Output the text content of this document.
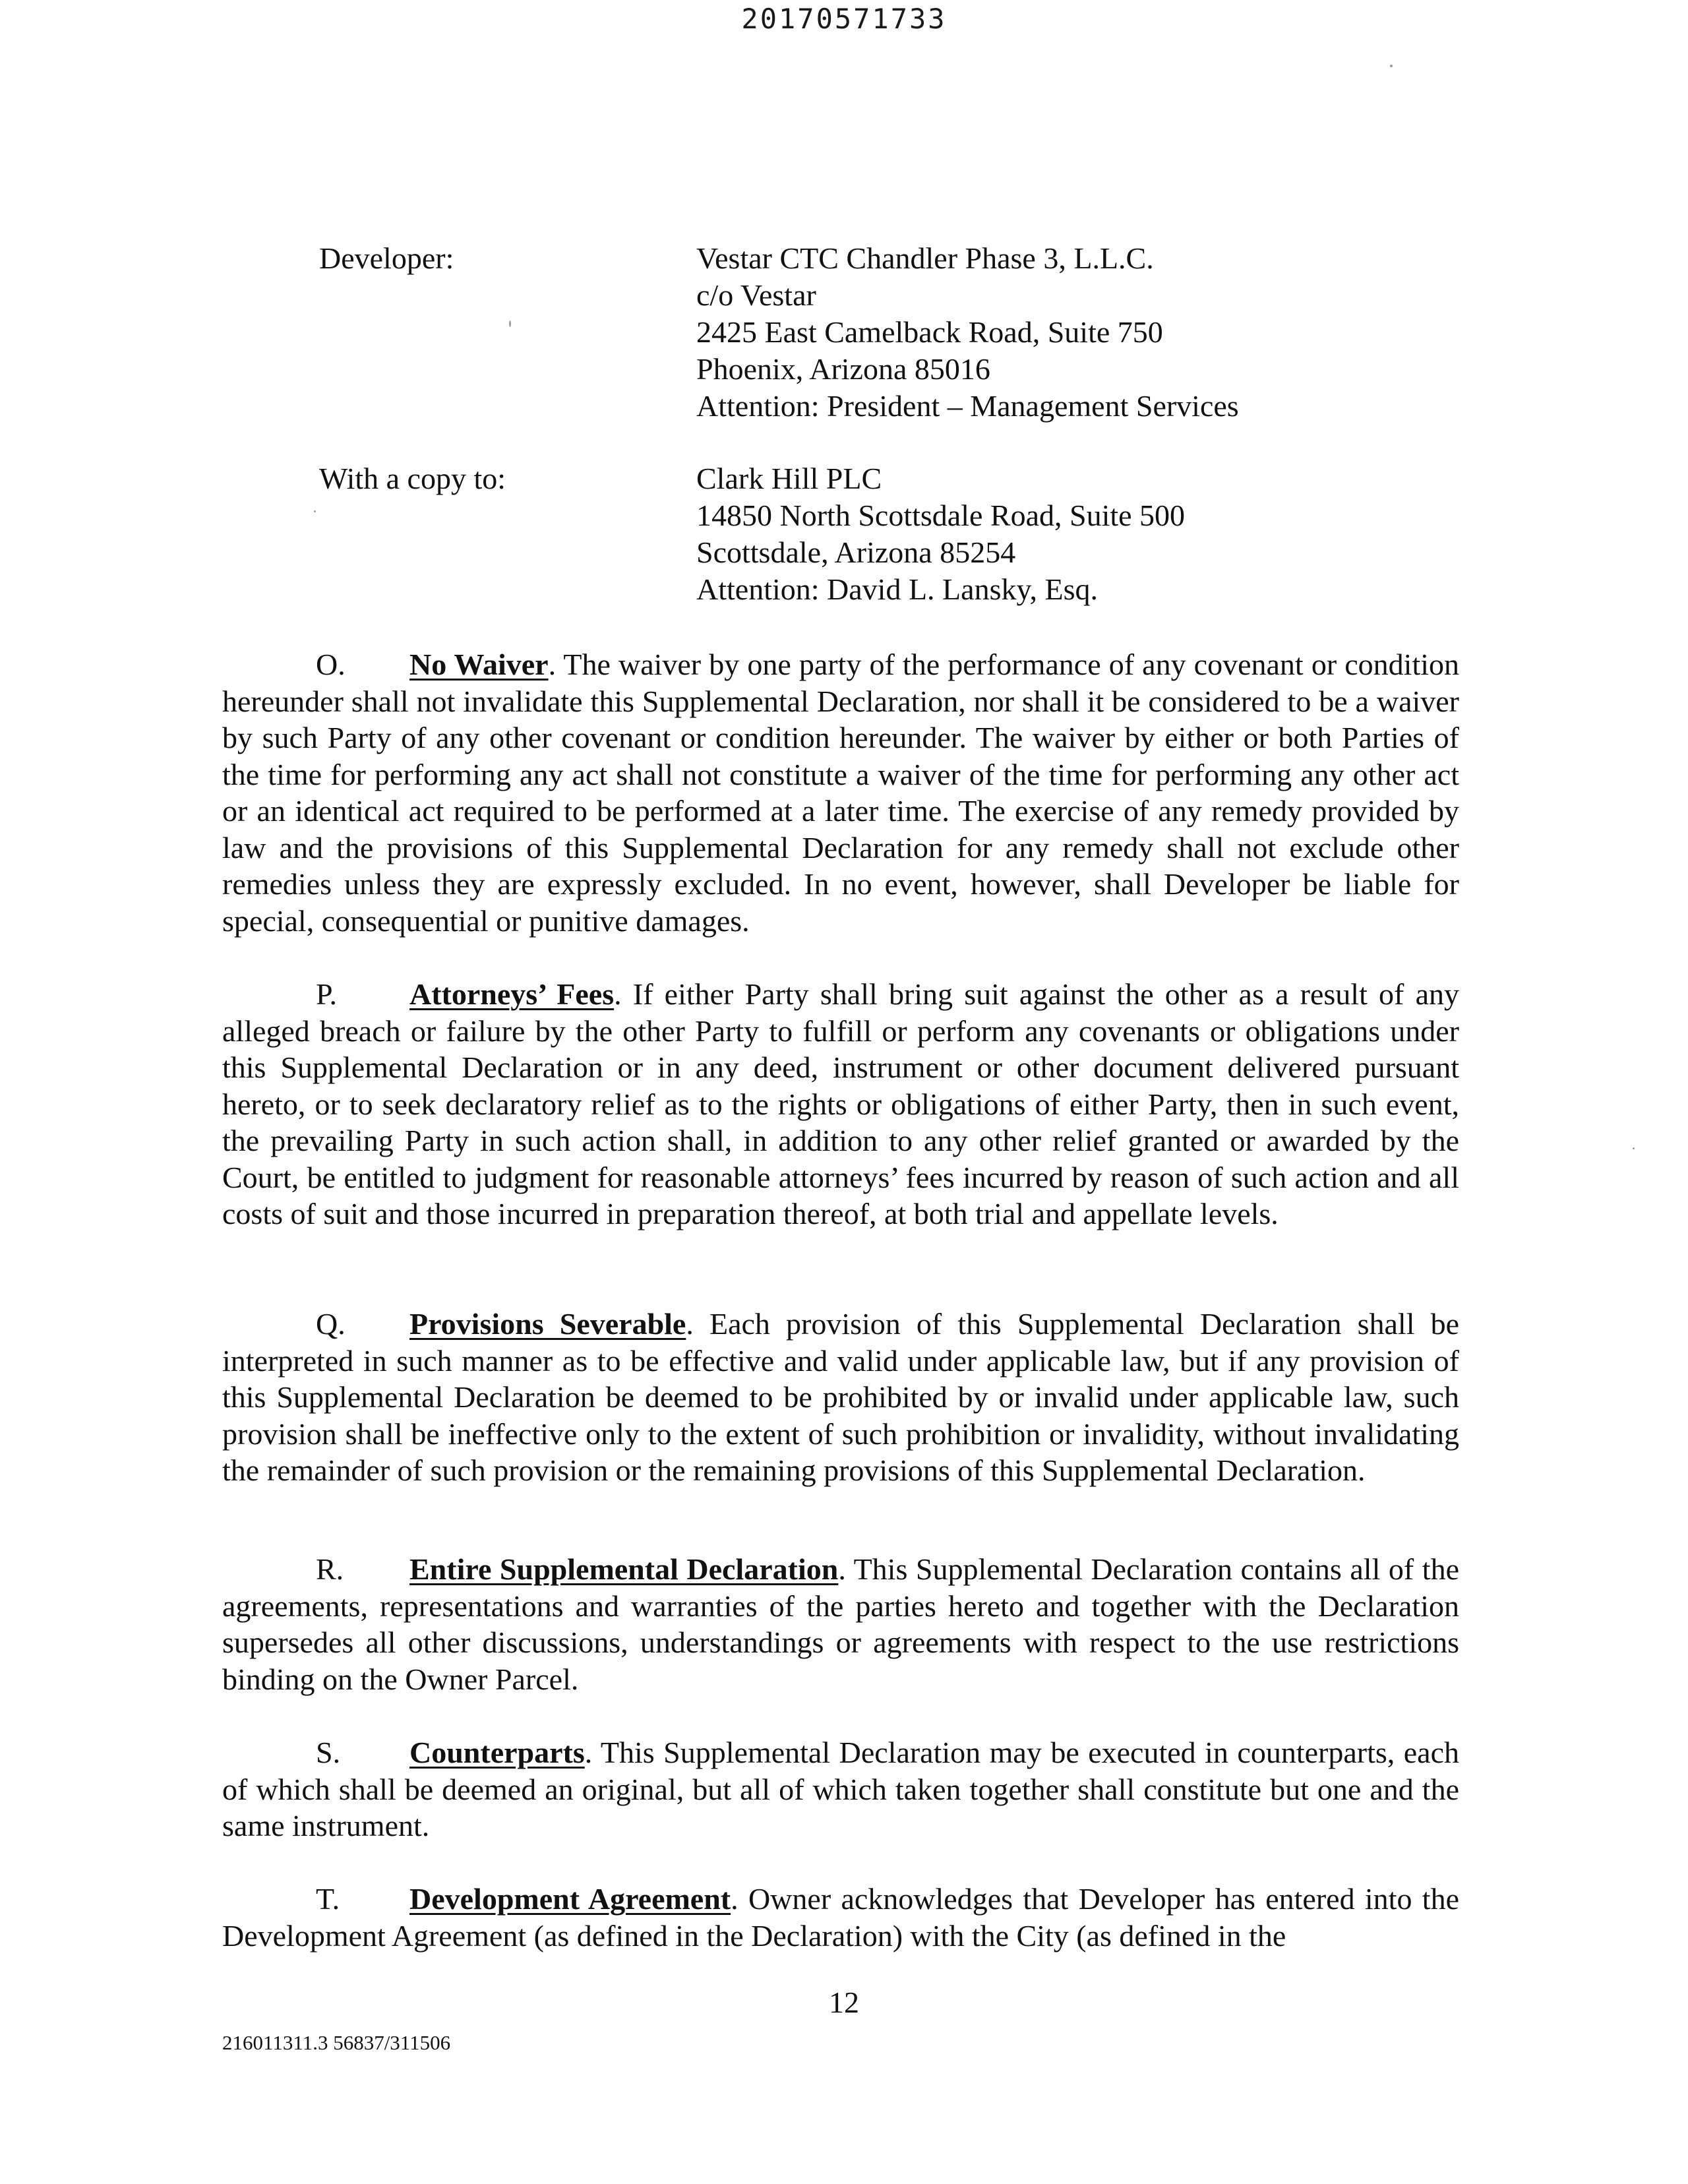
20170571733
Developer:	Vestar CTC Chandler Phase 3, L.L.C.
c/o Vestar
2425 East Camelback Road, Suite 750
Phoenix, Arizona 85016
Attention: President – Management Services
With a copy to:	Clark Hill PLC
14850 North Scottsdale Road, Suite 500
Scottsdale, Arizona 85254
Attention: David L. Lansky, Esq.
O. No Waiver. The waiver by one party of the performance of any covenant or condition hereunder shall not invalidate this Supplemental Declaration, nor shall it be considered to be a waiver by such Party of any other covenant or condition hereunder. The waiver by either or both Parties of the time for performing any act shall not constitute a waiver of the time for performing any other act or an identical act required to be performed at a later time. The exercise of any remedy provided by law and the provisions of this Supplemental Declaration for any remedy shall not exclude other remedies unless they are expressly excluded. In no event, however, shall Developer be liable for special, consequential or punitive damages.
P. Attorneys’ Fees. If either Party shall bring suit against the other as a result of any alleged breach or failure by the other Party to fulfill or perform any covenants or obligations under this Supplemental Declaration or in any deed, instrument or other document delivered pursuant hereto, or to seek declaratory relief as to the rights or obligations of either Party, then in such event, the prevailing Party in such action shall, in addition to any other relief granted or awarded by the Court, be entitled to judgment for reasonable attorneys’ fees incurred by reason of such action and all costs of suit and those incurred in preparation thereof, at both trial and appellate levels.
Q. Provisions Severable. Each provision of this Supplemental Declaration shall be interpreted in such manner as to be effective and valid under applicable law, but if any provision of this Supplemental Declaration be deemed to be prohibited by or invalid under applicable law, such provision shall be ineffective only to the extent of such prohibition or invalidity, without invalidating the remainder of such provision or the remaining provisions of this Supplemental Declaration.
R. Entire Supplemental Declaration. This Supplemental Declaration contains all of the agreements, representations and warranties of the parties hereto and together with the Declaration supersedes all other discussions, understandings or agreements with respect to the use restrictions binding on the Owner Parcel.
S. Counterparts. This Supplemental Declaration may be executed in counterparts, each of which shall be deemed an original, but all of which taken together shall constitute but one and the same instrument.
T. Development Agreement. Owner acknowledges that Developer has entered into the Development Agreement (as defined in the Declaration) with the City (as defined in the
12
216011311.3 56837/311506
